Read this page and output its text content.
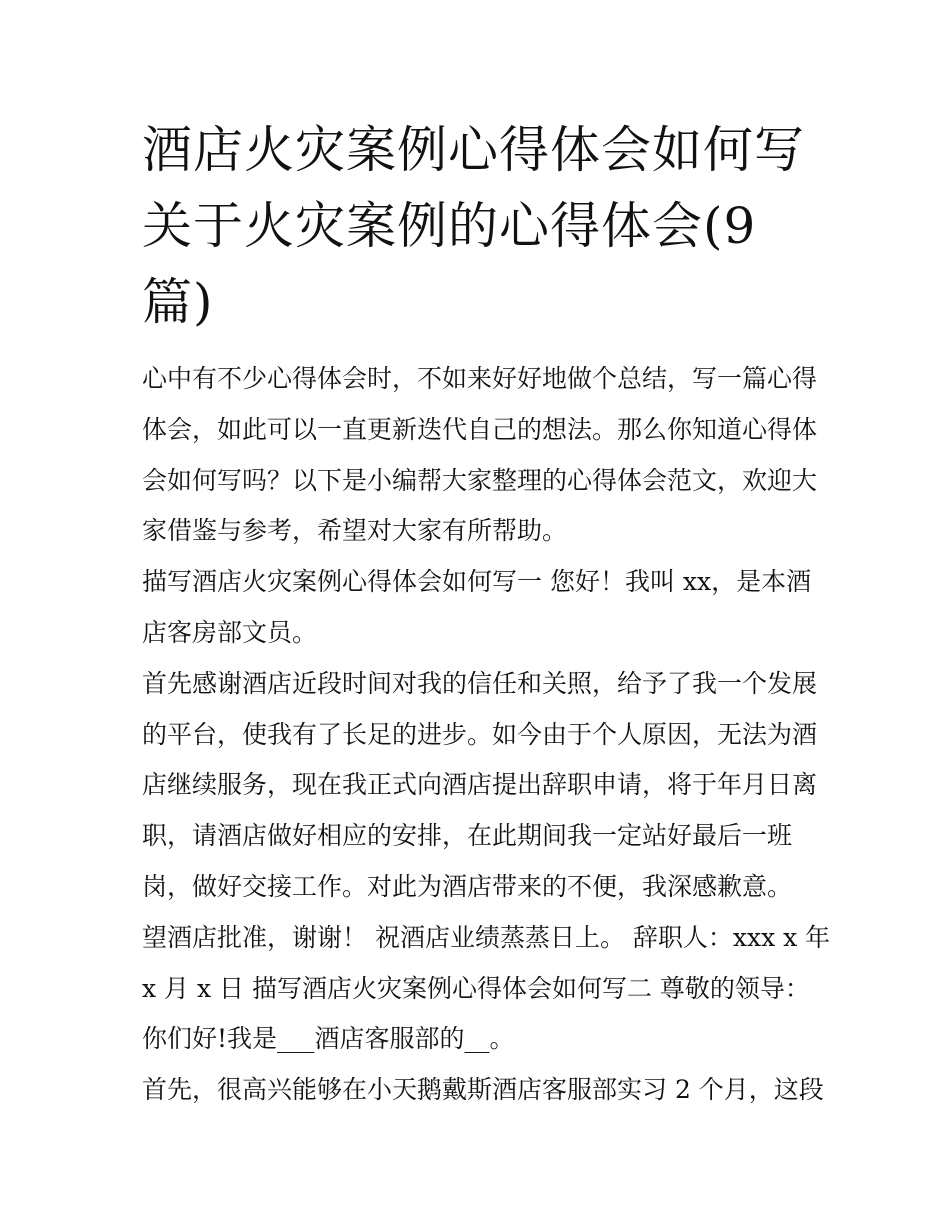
酒店火灾案例心得体会如何写
关于火灾案例的心得体会(9
篇)
心中有不少心得体会时，不如来好好地做个总结，写一篇心得
体会，如此可以一直更新迭代自己的想法。那么你知道心得体
会如何写吗？以下是小编帮大家整理的心得体会范文，欢迎大
家借鉴与参考，希望对大家有所帮助。
描写酒店火灾案例心得体会如何写一 您好！我叫 xx，是本酒
店客房部文员。
首先感谢酒店近段时间对我的信任和关照，给予了我一个发展
的平台，使我有了长足的进步。如今由于个人原因，无法为酒
店继续服务，现在我正式向酒店提出辞职申请，将于年月日离
职，请酒店做好相应的安排，在此期间我一定站好最后一班
岗，做好交接工作。对此为酒店带来的不便，我深感歉意。
望酒店批准，谢谢！ 祝酒店业绩蒸蒸日上。 辞职人：xxx x 年
x 月 x 日 描写酒店火灾案例心得体会如何写二 尊敬的领导：
你们好!我是___酒店客服部的__。
首先，很高兴能够在小天鹅戴斯酒店客服部实习 2 个月，这段
